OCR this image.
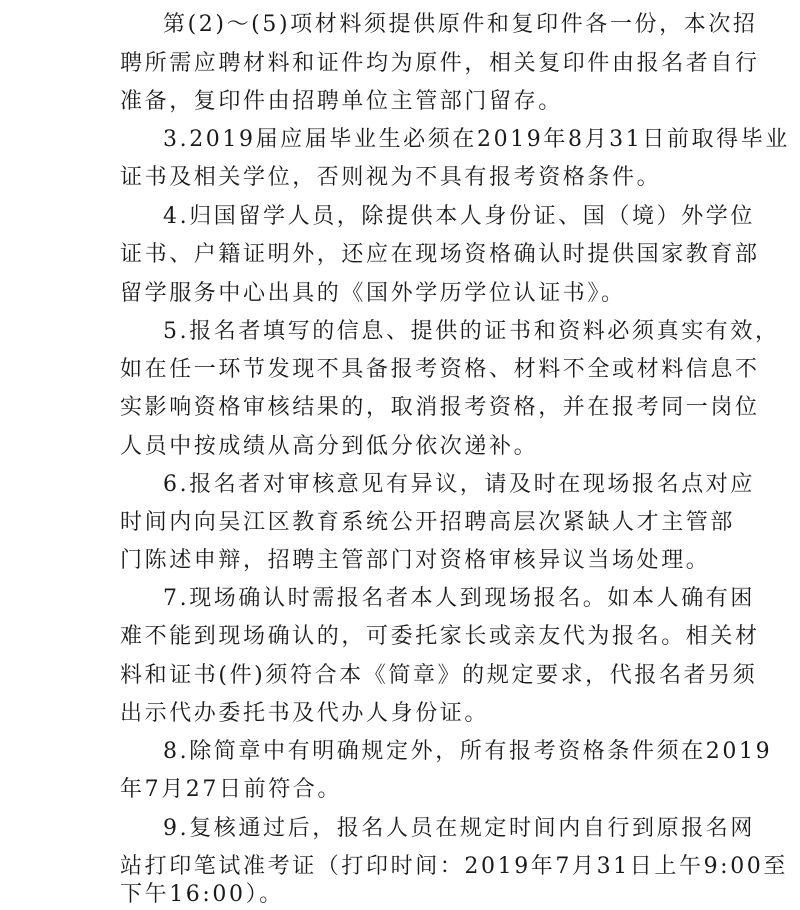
第(2)～(5)项材料须提供原件和复印件各一份，本次招
聘所需应聘材料和证件均为原件，相关复印件由报名者自行
准备，复印件由招聘单位主管部门留存。
3.2019届应届毕业生必须在2019年8月31日前取得毕业
证书及相关学位，否则视为不具有报考资格条件。
4.归国留学人员，除提供本人身份证、国（境）外学位
证书、户籍证明外，还应在现场资格确认时提供国家教育部
留学服务中心出具的《国外学历学位认证书》。
5.报名者填写的信息、提供的证书和资料必须真实有效，
如在任一环节发现不具备报考资格、材料不全或材料信息不
实影响资格审核结果的，取消报考资格，并在报考同一岗位
人员中按成绩从高分到低分依次递补。
6.报名者对审核意见有异议，请及时在现场报名点对应
时间内向吴江区教育系统公开招聘高层次紧缺人才主管部
门陈述申辩，招聘主管部门对资格审核异议当场处理。
7.现场确认时需报名者本人到现场报名。如本人确有困
难不能到现场确认的，可委托家长或亲友代为报名。相关材
料和证书(件)须符合本《简章》的规定要求，代报名者另须
出示代办委托书及代办人身份证。
8.除简章中有明确规定外，所有报考资格条件须在2019
年7月27日前符合。
9.复核通过后，报名人员在规定时间内自行到原报名网
站打印笔试准考证（打印时间：2019年7月31日上午9:00至
下午16:00）。
